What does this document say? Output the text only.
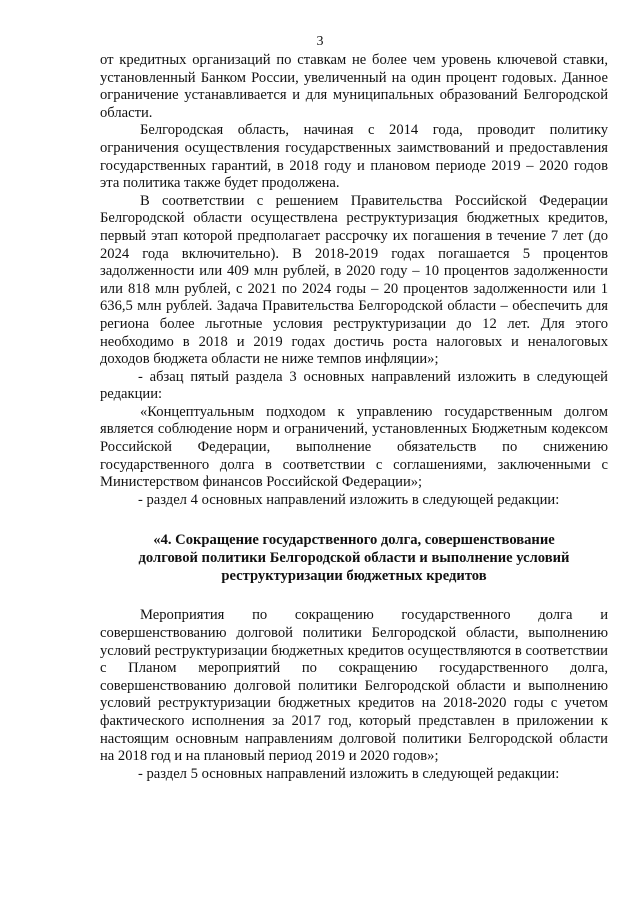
3

от кредитных организаций по ставкам не более чем уровень ключевой ставки, установленный Банком России, увеличенный на один процент годовых. Данное ограничение устанавливается и для муниципальных образований Белгородской области.

Белгородская область, начиная с 2014 года, проводит политику ограничения осуществления государственных заимствований и предоставления государственных гарантий, в 2018 году и плановом периоде 2019 – 2020 годов эта политика также будет продолжена.

В соответствии с решением Правительства Российской Федерации Белгородской области осуществлена реструктуризация бюджетных кредитов, первый этап которой предполагает рассрочку их погашения в течение 7 лет (до 2024 года включительно). В 2018-2019 годах погашается 5 процентов задолженности или 409 млн рублей, в 2020 году – 10 процентов задолженности или 818 млн рублей, с 2021 по 2024 годы – 20 процентов задолженности или 1 636,5 млн рублей. Задача Правительства Белгородской области – обеспечить для региона более льготные условия реструктуризации до 12 лет. Для этого необходимо в 2018 и 2019 годах достичь роста налоговых и неналоговых доходов бюджета области не ниже темпов инфляции»;

- абзац пятый раздела 3 основных направлений изложить в следующей редакции:

«Концептуальным подходом к управлению государственным долгом является соблюдение норм и ограничений, установленных Бюджетным кодексом Российской Федерации, выполнение обязательств по снижению государственного долга в соответствии с соглашениями, заключенными с Министерством финансов Российской Федерации»;

- раздел 4 основных направлений изложить в следующей редакции:

«4. Сокращение государственного долга, совершенствование
долговой политики Белгородской области и выполнение условий
реструктуризации бюджетных кредитов

Мероприятия по сокращению государственного долга и совершенствованию долговой политики Белгородской области, выполнению условий реструктуризации бюджетных кредитов осуществляются в соответствии с Планом мероприятий по сокращению государственного долга, совершенствованию долговой политики Белгородской области и выполнению условий реструктуризации бюджетных кредитов на 2018-2020 годы с учетом фактического исполнения за 2017 год, который представлен в приложении к настоящим основным направлениям долговой политики Белгородской области на 2018 год и на плановый период 2019 и 2020 годов»;

- раздел 5 основных направлений изложить в следующей редакции:
